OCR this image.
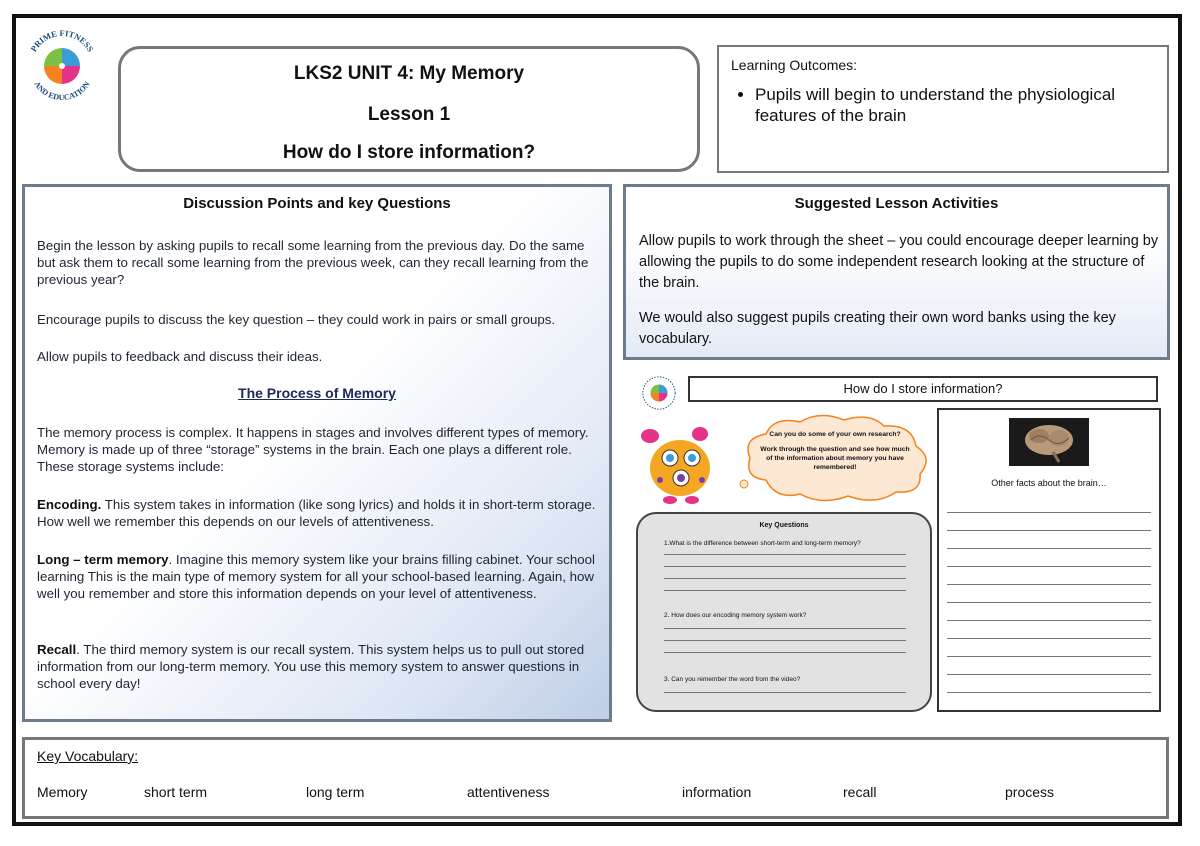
PRIME FITNESS
AND EDUCATION
LKS2 UNIT 4: My Memory
Lesson 1
How do I store information?
Learning Outcomes:
• Pupils will begin to understand the physiological features of the brain
Discussion Points and key Questions
Begin the lesson by asking pupils to recall some learning from the previous day. Do the same but ask them to recall some learning from the previous week, can they recall learning from the previous year?
Encourage pupils to discuss the key question – they could work in pairs or small groups.
Allow pupils to feedback and discuss their ideas.
The Process of Memory
The memory process is complex. It happens in stages and involves different types of memory. Memory is made up of three “storage” systems in the brain. Each one plays a different role. These storage systems include:
Encoding. This system takes in information (like song lyrics) and holds it in short-term storage. How well we remember this depends on our levels of attentiveness.
Long – term memory. Imagine this memory system like your brains filling cabinet. Your school learning This is the main type of memory system for all your school-based learning. Again, how well you remember and store this information depends on your level of attentiveness.
Recall. The third memory system is our recall system. This system helps us to pull out stored information from our long-term memory. You use this memory system to answer questions in school every day!
Suggested Lesson Activities
Allow pupils to work through the sheet – you could encourage deeper learning by allowing the pupils to do some independent research looking at the structure of the brain.
We would also suggest pupils creating their own word banks using the key vocabulary.
How do I store information?
Can you do some of your own research?
Work through the question and see how much of the information about memory you have remembered!
Key Questions
1.What is the difference between short-term and long-term memory?
2. How does our encoding memory system work?
3. Can you remember the word from the video?
Other facts about the brain…
Key Vocabulary:
Memory	short term	long term	attentiveness	information	recall	process
